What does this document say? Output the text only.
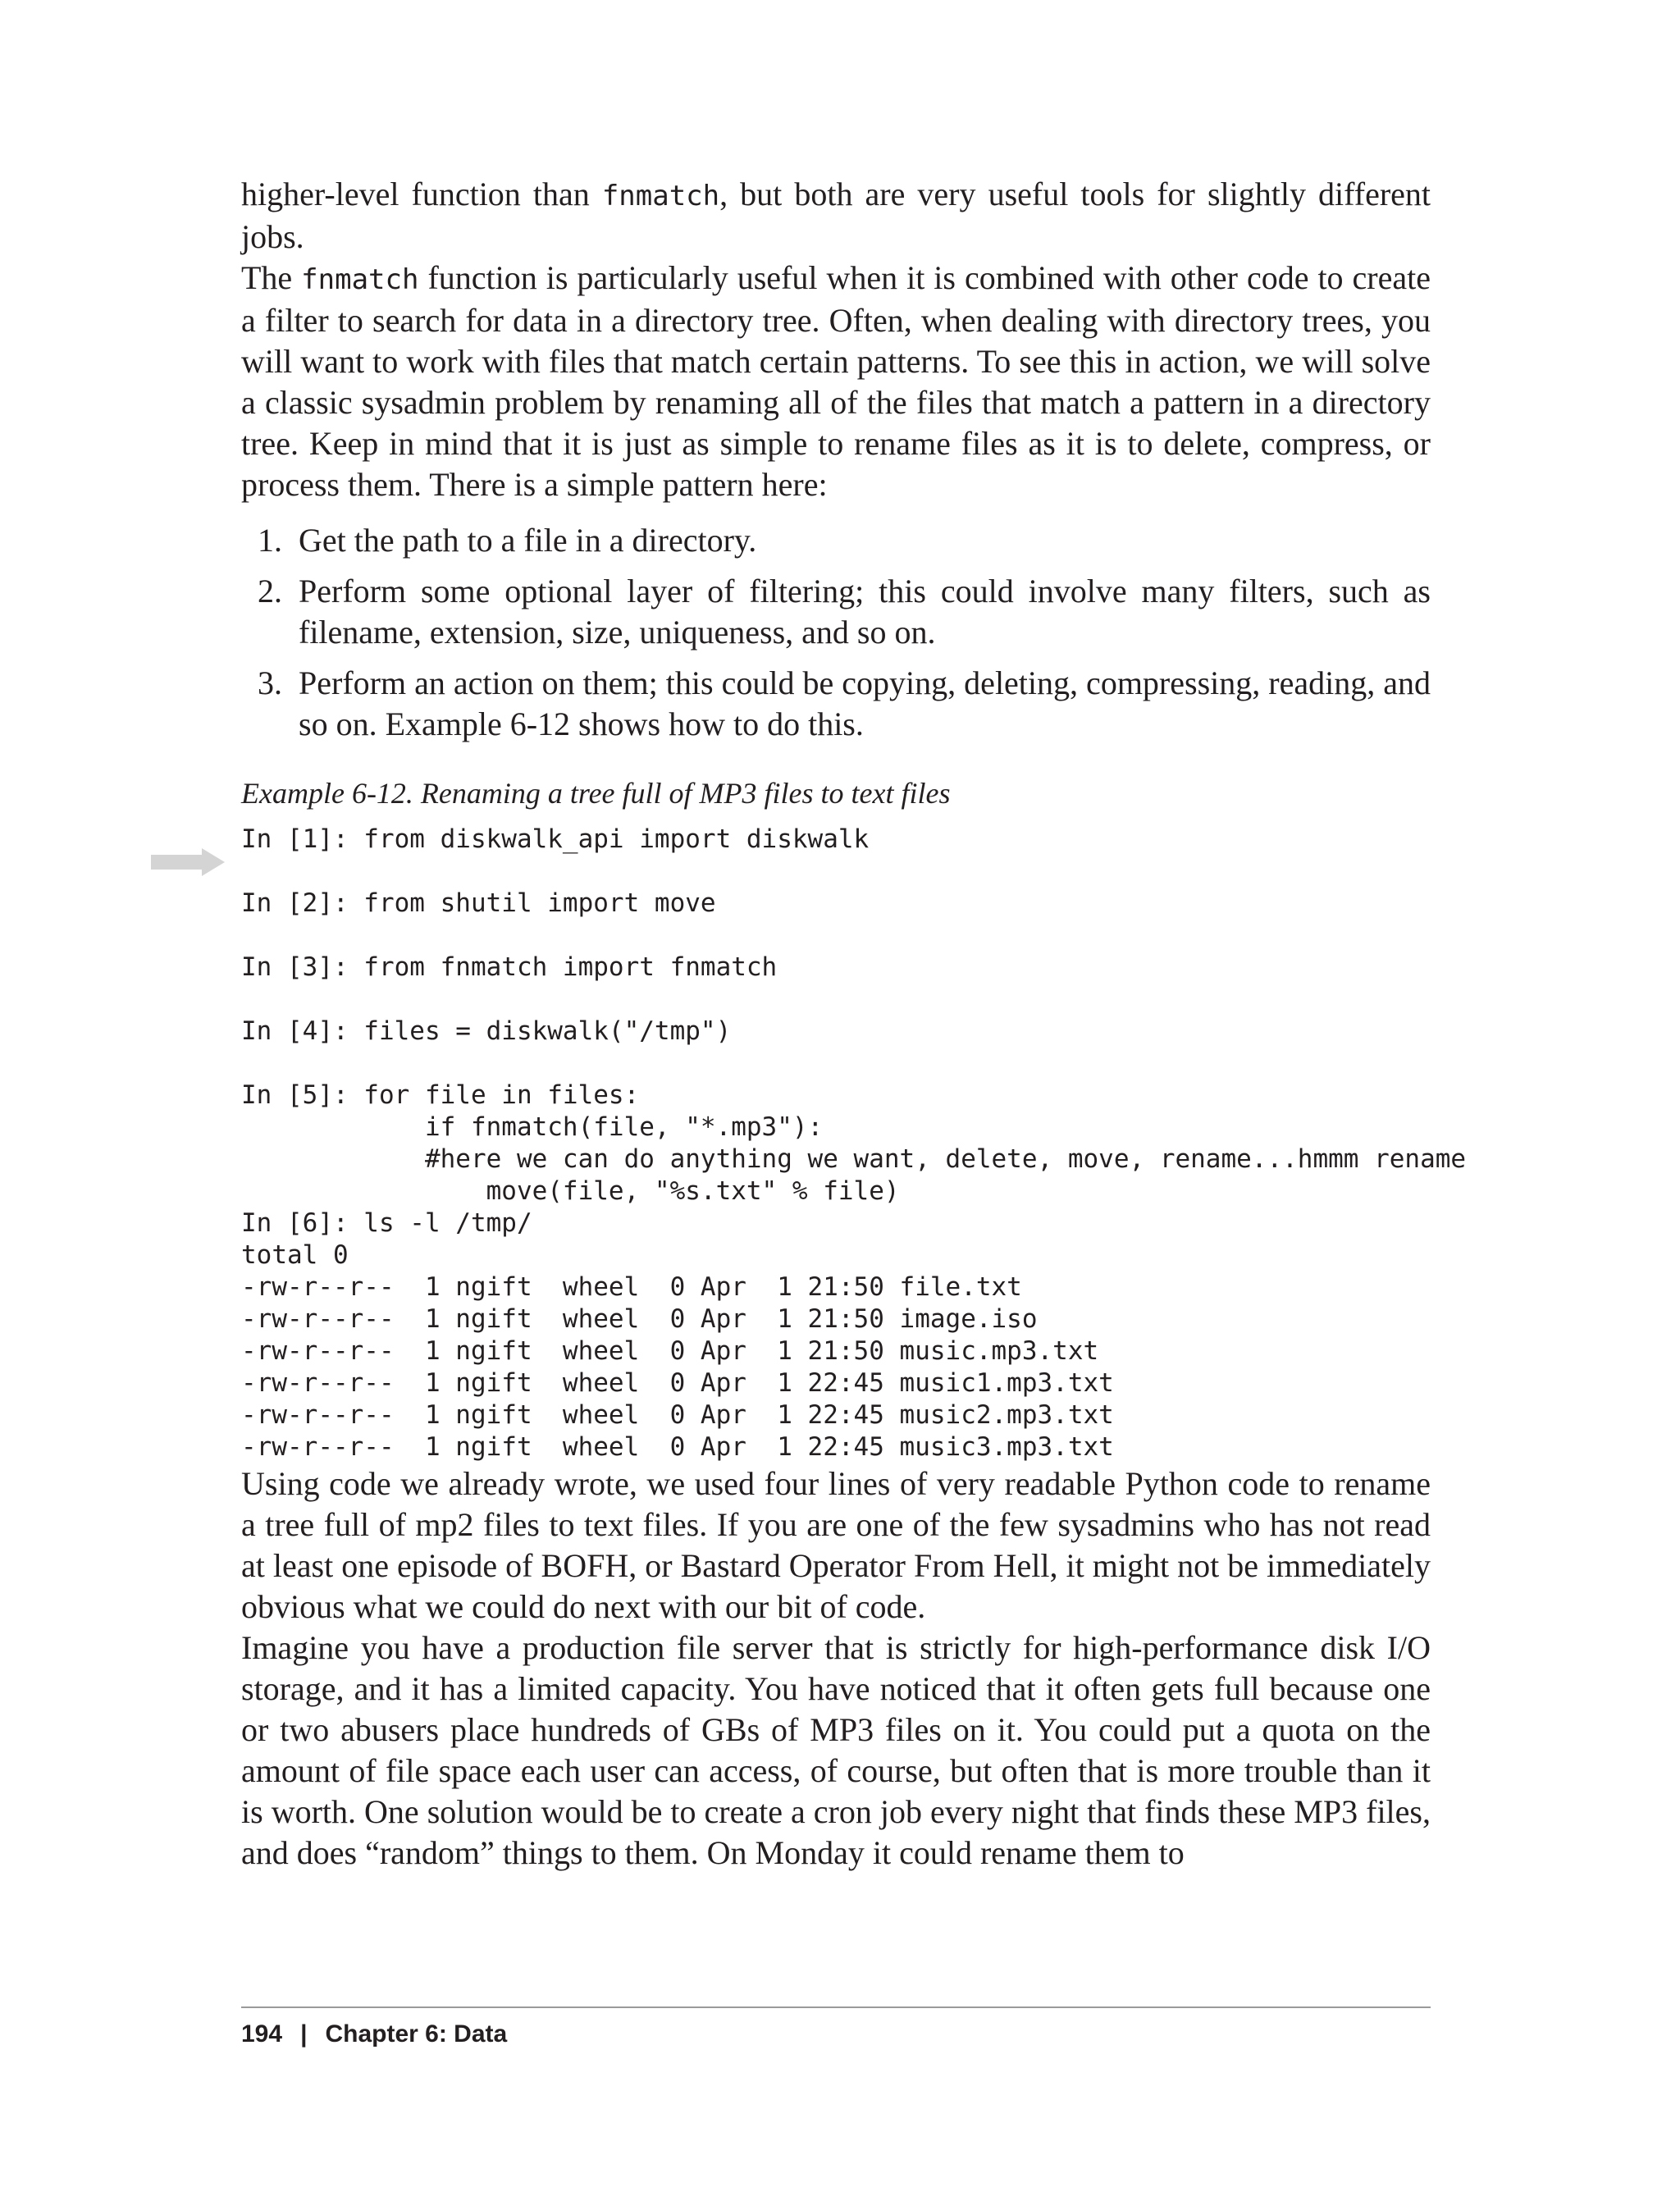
higher-level function than fnmatch, but both are very useful tools for slightly different jobs.

The fnmatch function is particularly useful when it is combined with other code to create a filter to search for data in a directory tree. Often, when dealing with directory trees, you will want to work with files that match certain patterns. To see this in action, we will solve a classic sysadmin problem by renaming all of the files that match a pattern in a directory tree. Keep in mind that it is just as simple to rename files as it is to delete, compress, or process them. There is a simple pattern here:

1. Get the path to a file in a directory.
2. Perform some optional layer of filtering; this could involve many filters, such as filename, extension, size, uniqueness, and so on.
3. Perform an action on them; this could be copying, deleting, compressing, reading, and so on. Example 6-12 shows how to do this.
Example 6-12. Renaming a tree full of MP3 files to text files
In [1]: from diskwalk_api import diskwalk
In [2]: from shutil import move
In [3]: from fnmatch import fnmatch
In [4]: files = diskwalk("/tmp")
In [5]: for file in files:
if fnmatch(file, "*.mp3"):
#here we can do anything we want, delete, move, rename...hmmm rename
move(file, "%s.txt" % file)
In [6]: ls -l /tmp/
total 0
-rw-r--r--  1 ngift  wheel  0 Apr  1 21:50 file.txt
-rw-r--r--  1 ngift  wheel  0 Apr  1 21:50 image.iso
-rw-r--r--  1 ngift  wheel  0 Apr  1 21:50 music.mp3.txt
-rw-r--r--  1 ngift  wheel  0 Apr  1 22:45 music1.mp3.txt
-rw-r--r--  1 ngift  wheel  0 Apr  1 22:45 music2.mp3.txt
-rw-r--r--  1 ngift  wheel  0 Apr  1 22:45 music3.mp3.txt

Using code we already wrote, we used four lines of very readable Python code to rename a tree full of mp2 files to text files. If you are one of the few sysadmins who has not read at least one episode of BOFH, or Bastard Operator From Hell, it might not be immediately obvious what we could do next with our bit of code.

Imagine you have a production file server that is strictly for high-performance disk I/O storage, and it has a limited capacity. You have noticed that it often gets full because one or two abusers place hundreds of GBs of MP3 files on it. You could put a quota on the amount of file space each user can access, of course, but often that is more trouble than it is worth. One solution would be to create a cron job every night that finds these MP3 files, and does “random” things to them. On Monday it could rename them to

194 | Chapter 6: Data
